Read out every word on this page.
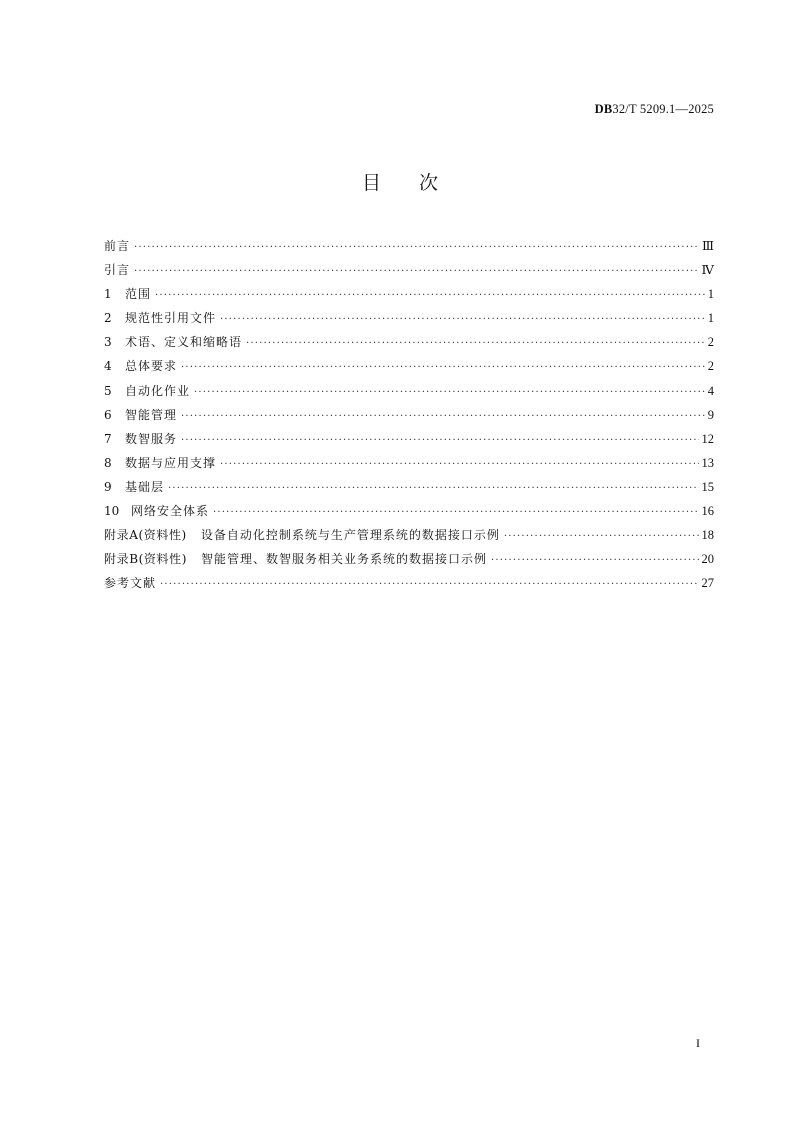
DB32/T 5209.1—2025
目次
前言 ·····	Ⅲ
引言 ·····	Ⅳ
1	范围 ·····	1
2	规范性引用文件 ·····	1
3	术语、定义和缩略语 ·····	2
4	总体要求 ·····	2
5	自动化作业 ·····	4
6	智能管理 ·····	9
7	数智服务 ·····	12
8	数据与应用支撑 ·····	13
9	基础层 ·····	15
10 网络安全体系 ·····	16
附录A(资料性)	设备自动化控制系统与生产管理系统的数据接口示例 ·····	18
附录B(资料性)	智能管理、数智服务相关业务系统的数据接口示例 ·····	20
参考文献 ·····	27
I
